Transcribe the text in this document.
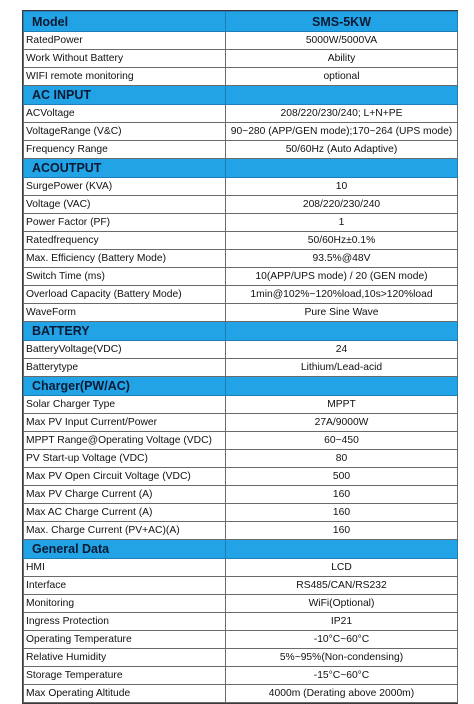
Model	SMS-5KW
RatedPower	5000W/5000VA
Work Without Battery	Ability
WIFI remote monitoring	optional
AC INPUT	
ACVoltage	208/220/230/240; L+N+PE
VoltageRange (V&C)	90~280 (APP/GEN mode);170~264 (UPS mode)
Frequency Range	50/60Hz (Auto Adaptive)
ACOUTPUT	
SurgePower (KVA)	10
Voltage (VAC)	208/220/230/240
Power Factor (PF)	1
Ratedfrequency	50/60Hz±0.1%
Max. Efficiency (Battery Mode)	93.5%@48V
Switch Time (ms)	10(APP/UPS mode) / 20 (GEN mode)
Overload Capacity (Battery Mode)	1min@102%~120%load,10s>120%load
WaveForm	Pure Sine Wave
BATTERY	
BatteryVoltage(VDC)	24
Batterytype	Lithium/Lead-acid
Charger(PW/AC)	
Solar Charger Type	MPPT
Max PV Input Current/Power	27A/9000W
MPPT Range@Operating Voltage (VDC)	60~450
PV Start-up Voltage (VDC)	80
Max PV Open Circuit Voltage (VDC)	500
Max PV Charge Current (A)	160
Max AC Charge Current (A)	160
Max. Charge Current (PV+AC)(A)	160
General Data	
HMI	LCD
Interface	RS485/CAN/RS232
Monitoring	WiFi(Optional)
Ingress Protection	IP21
Operating Temperature	-10°C~60°C
Relative Humidity	5%~95%(Non-condensing)
Storage Temperature	-15°C~60°C
Max Operating Altitude	4000m (Derating above 2000m)
